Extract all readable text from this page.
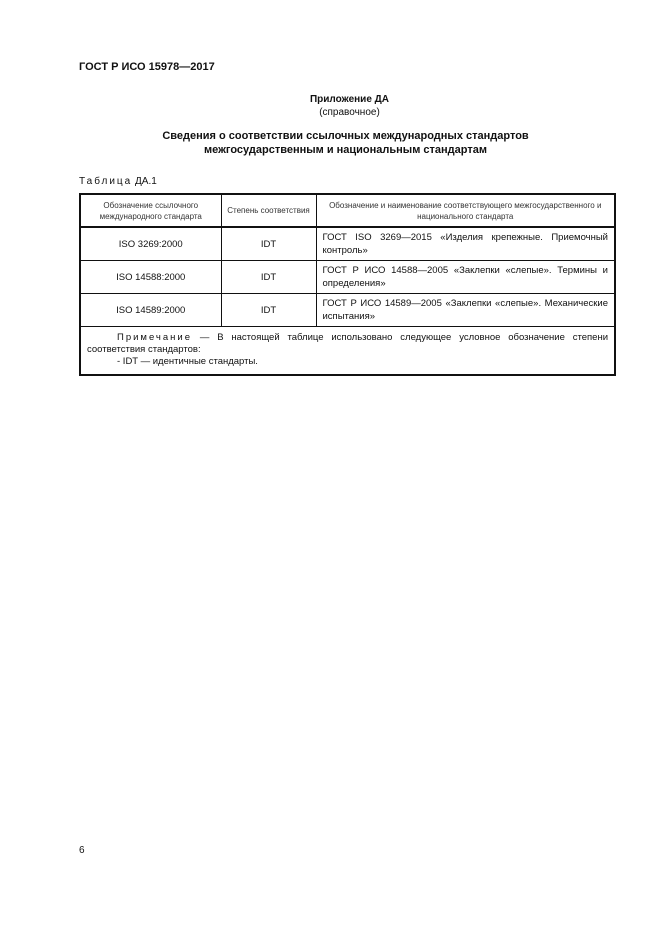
ГОСТ Р ИСО 15978—2017
Приложение ДА
(справочное)
Сведения о соответствии ссылочных международных стандартов
межгосударственным и национальным стандартам
Таблица ДА.1
Обозначение ссылочного международного стандарта	Степень соответствия	Обозначение и наименование соответствующего межгосударственного и национального стандарта
ISO 3269:2000	IDT	ГОСТ ISO 3269—2015 «Изделия крепежные. Приемочный контроль»
ISO 14588:2000	IDT	ГОСТ Р ИСО 14588—2005 «Заклепки «слепые». Термины и определения»
ISO 14589:2000	IDT	ГОСТ Р ИСО 14589—2005 «Заклепки «слепые». Механические испытания»

Примечание — В настоящей таблице использовано следующее условное обозначение степени соответствия стандартов:
- IDT — идентичные стандарты.		
6
